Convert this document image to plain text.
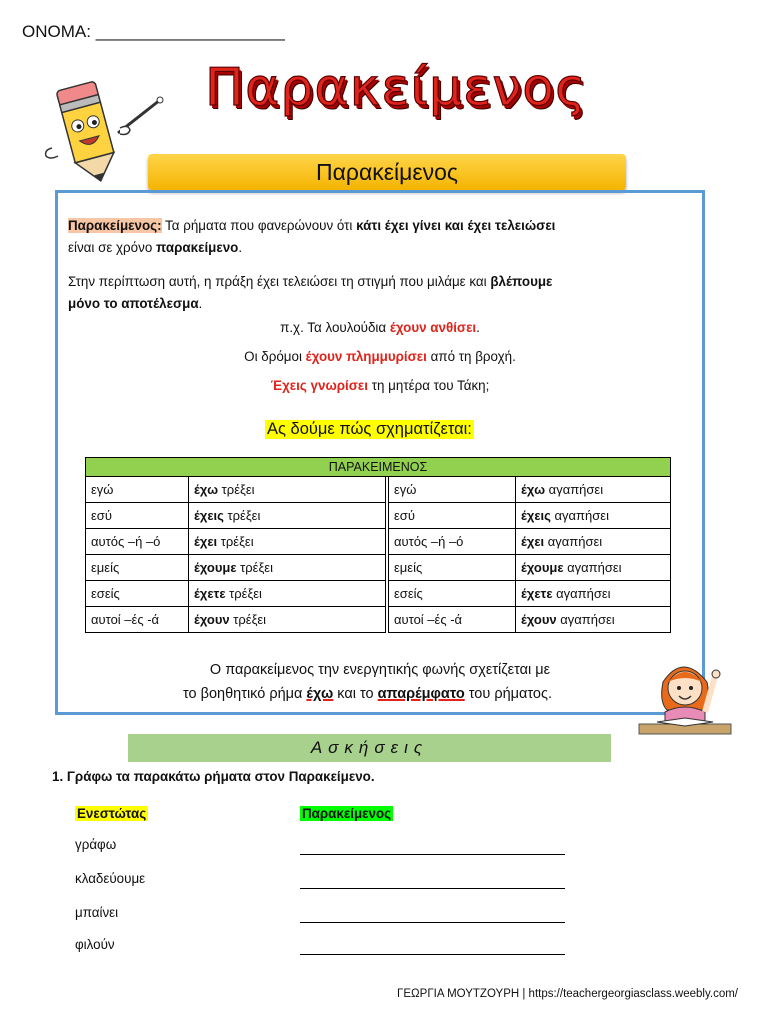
ΟΝΟΜΑ: ____________________
Παρακείμενος
Παρακείμενος
Παρακείμενος: Τα ρήματα που φανερώνουν ότι κάτι έχει γίνει και έχει τελειώσει
είναι σε χρόνο παρακείμενο.
Στην περίπτωση αυτή, η πράξη έχει τελειώσει τη στιγμή που μιλάμε και βλέπουμε
μόνο το αποτέλεσμα.
π.χ. Τα λουλούδια έχουν ανθίσει.
Οι δρόμοι έχουν πλημμυρίσει από τη βροχή.
Έχεις γνωρίσει τη μητέρα του Τάκη;
Ας δούμε πώς σχηματίζεται:
ΠΑΡΑΚΕΙΜΕΝΟΣ				
εγώ	έχω τρέξει		εγώ	έχω αγαπήσει
εσύ	έχεις τρέξει		εσύ	έχεις αγαπήσει
αυτός –ή –ό	έχει τρέξει		αυτός –ή –ό	έχει αγαπήσει
εμείς	έχουμε τρέξει		εμείς	έχουμε αγαπήσει
εσείς	έχετε τρέξει		εσείς	έχετε αγαπήσει
αυτοί –ές -ά	έχουν τρέξει		αυτοί –ές -ά	έχουν αγαπήσει
Ο παρακείμενος την ενεργητικής φωνής σχετίζεται με
το βοηθητικό ρήμα έχω και το απαρέμφατο του ρήματος.
Ασκήσεις
1. Γράφω τα παρακάτω ρήματα στον Παρακείμενο.
Ενεστώτας	Παρακείμενος
γράφω
κλαδεύουμε
μπαίνει
φιλούν
ΓΕΩΡΓΙΑ ΜΟΥΤΖΟΥΡΗ | https://teachergeorgiasclass.weebly.com/
